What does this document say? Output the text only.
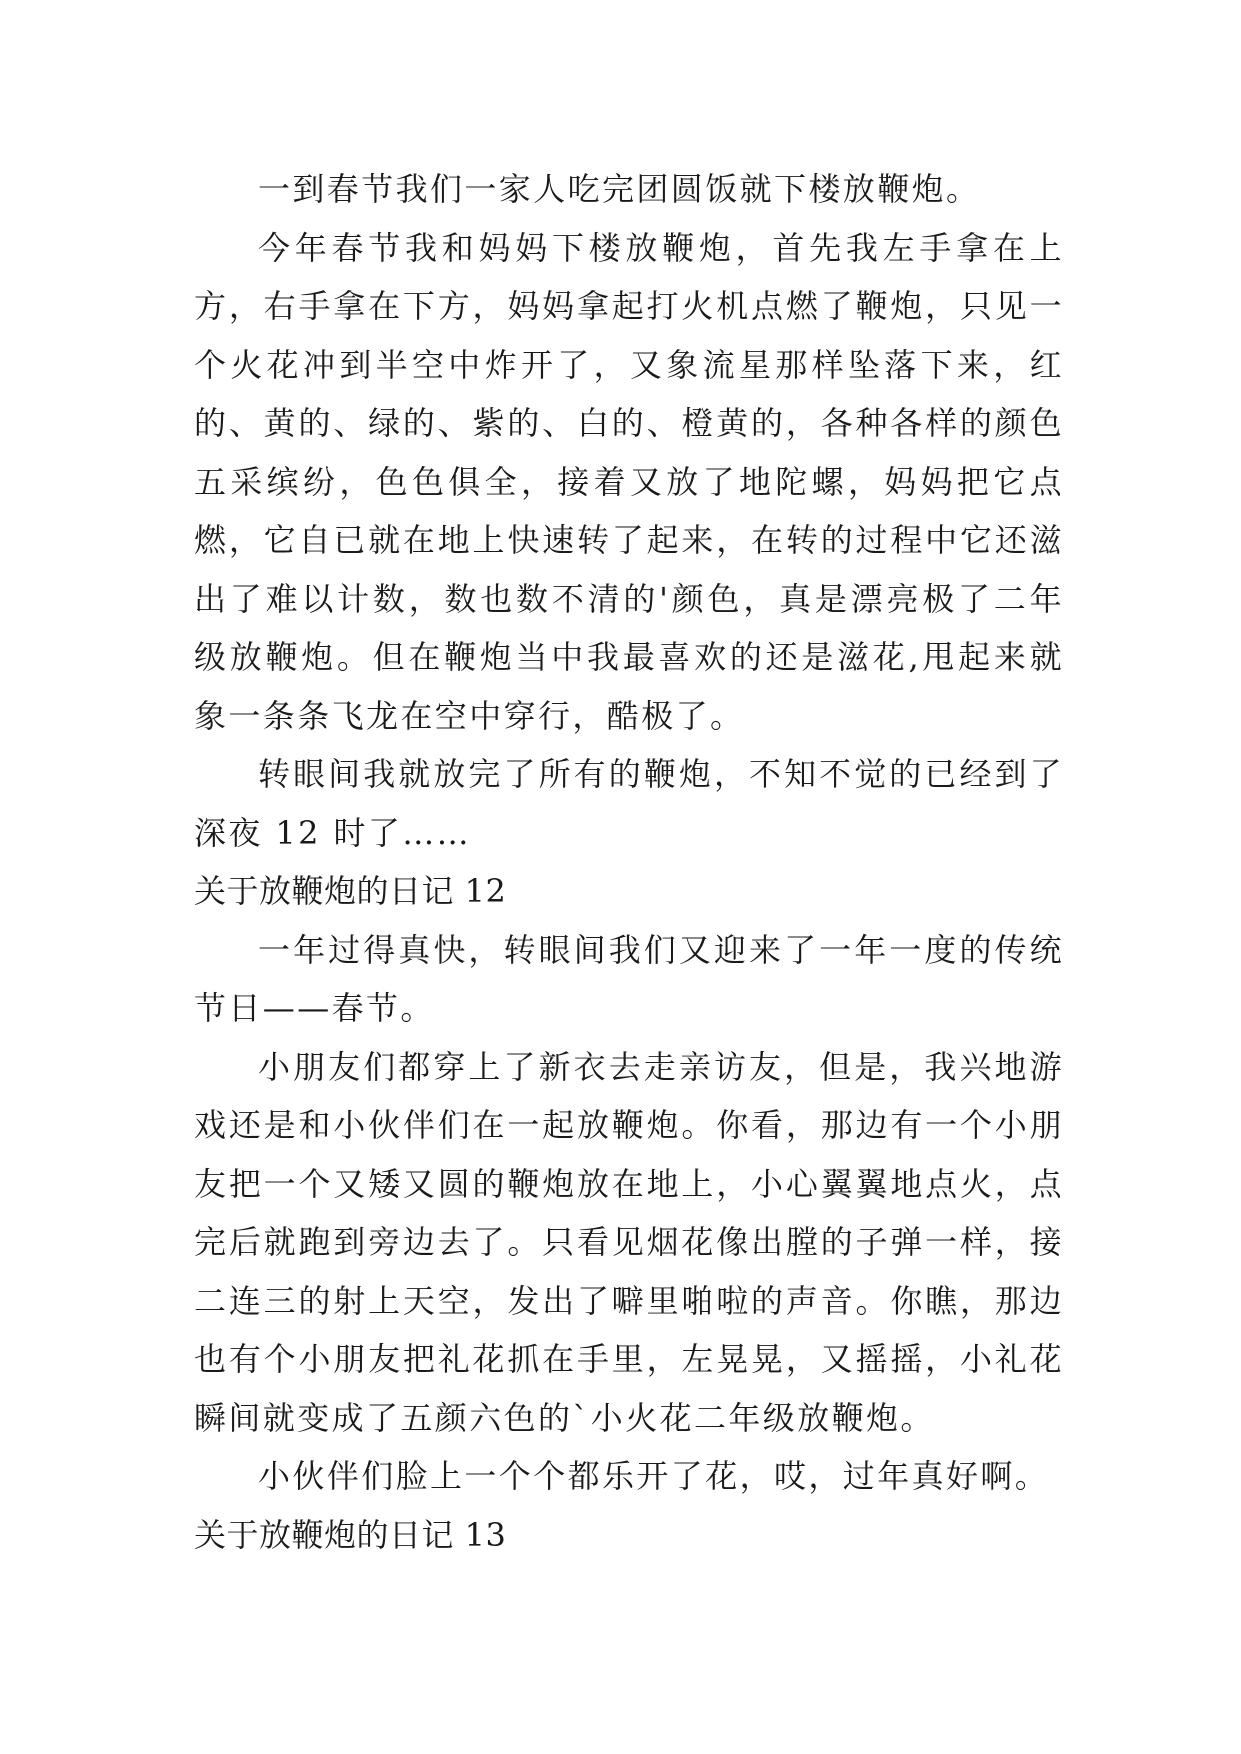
一到春节我们一家人吃完团圆饭就下楼放鞭炮。

今年春节我和妈妈下楼放鞭炮，首先我左手拿在上方，右手拿在下方，妈妈拿起打火机点燃了鞭炮，只见一个火花冲到半空中炸开了，又象流星那样坠落下来，红的、黄的、绿的、紫的、白的、橙黄的，各种各样的颜色五采缤纷，色色俱全，接着又放了地陀螺，妈妈把它点燃，它自已就在地上快速转了起来，在转的过程中它还滋出了难以计数，数也数不清的'颜色，真是漂亮极了二年级放鞭炮。但在鞭炮当中我最喜欢的还是滋花,甩起来就象一条条飞龙在空中穿行，酷极了。

转眼间我就放完了所有的鞭炮，不知不觉的已经到了深夜 12 时了……

关于放鞭炮的日记 12

一年过得真快，转眼间我们又迎来了一年一度的传统节日——春节。

小朋友们都穿上了新衣去走亲访友，但是，我兴地游戏还是和小伙伴们在一起放鞭炮。你看，那边有一个小朋友把一个又矮又圆的鞭炮放在地上，小心翼翼地点火，点完后就跑到旁边去了。只看见烟花像出膛的子弹一样，接二连三的射上天空，发出了噼里啪啦的声音。你瞧，那边也有个小朋友把礼花抓在手里，左晃晃，又摇摇，小礼花瞬间就变成了五颜六色的`小火花二年级放鞭炮。

小伙伴们脸上一个个都乐开了花，哎，过年真好啊。

关于放鞭炮的日记 13
